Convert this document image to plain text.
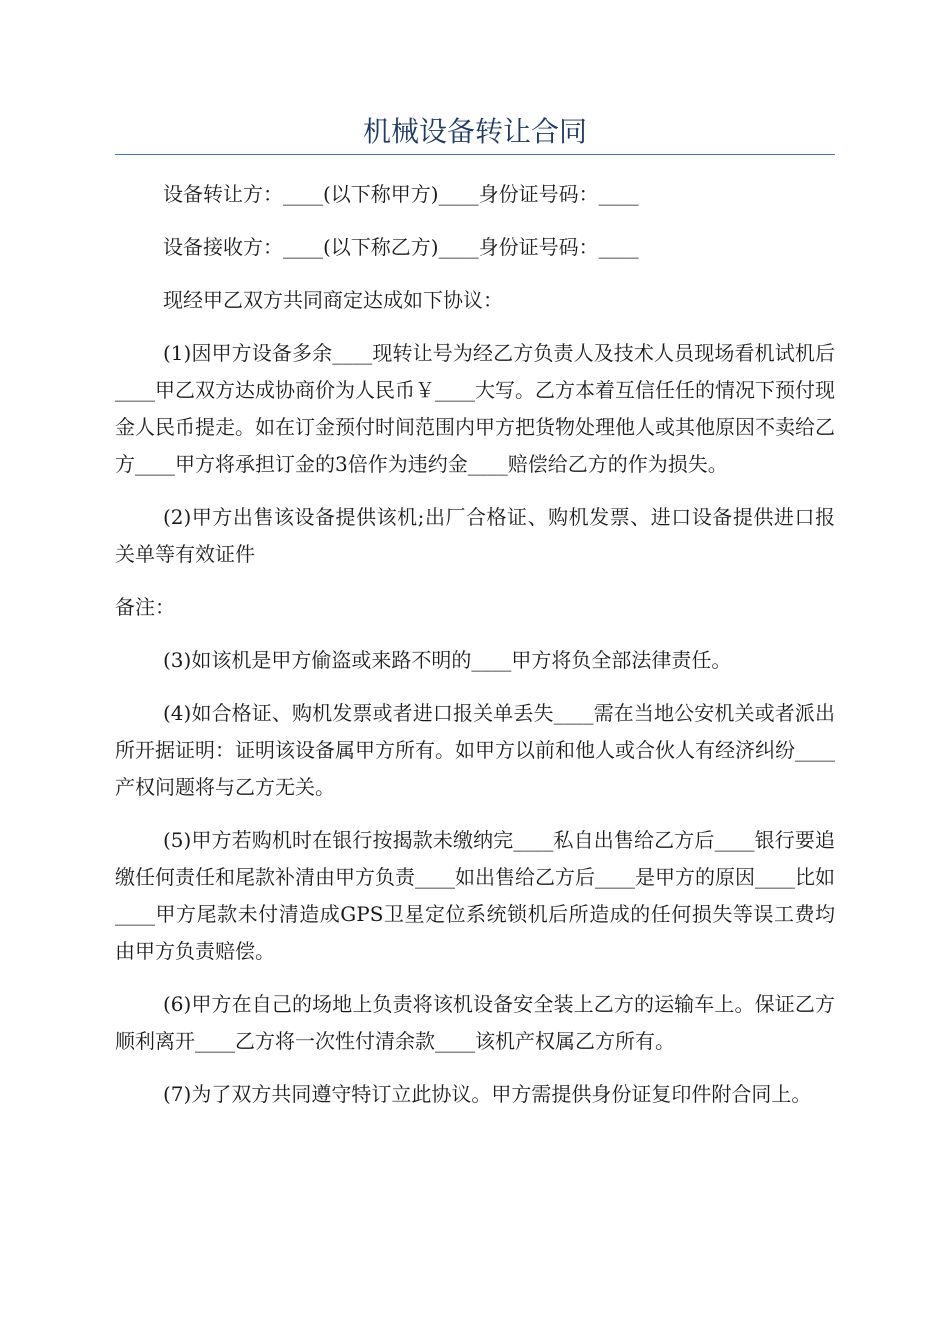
机械设备转让合同

设备转让方：____(以下称甲方)____身份证号码：____

设备接收方：____(以下称乙方)____身份证号码：____

现经甲乙双方共同商定达成如下协议：

(1)因甲方设备多余____现转让号为经乙方负责人及技术人员现场看机试机后____甲乙双方达成协商价为人民币￥____大写。乙方本着互信任任的情况下预付现金人民币提走。如在订金预付时间范围内甲方把货物处理他人或其他原因不卖给乙方____甲方将承担订金的3倍作为违约金____赔偿给乙方的作为损失。

(2)甲方出售该设备提供该机;出厂合格证、购机发票、进口设备提供进口报关单等有效证件

备注：

(3)如该机是甲方偷盗或来路不明的____甲方将负全部法律责任。

(4)如合格证、购机发票或者进口报关单丢失____需在当地公安机关或者派出所开据证明：证明该设备属甲方所有。如甲方以前和他人或合伙人有经济纠纷____产权问题将与乙方无关。

(5)甲方若购机时在银行按揭款未缴纳完____私自出售给乙方后____银行要追缴任何责任和尾款补清由甲方负责____如出售给乙方后____是甲方的原因____比如____甲方尾款未付清造成GPS卫星定位系统锁机后所造成的任何损失等误工费均由甲方负责赔偿。

(6)甲方在自己的场地上负责将该机设备安全装上乙方的运输车上。保证乙方顺利离开____乙方将一次性付清余款____该机产权属乙方所有。

(7)为了双方共同遵守特订立此协议。甲方需提供身份证复印件附合同上。
